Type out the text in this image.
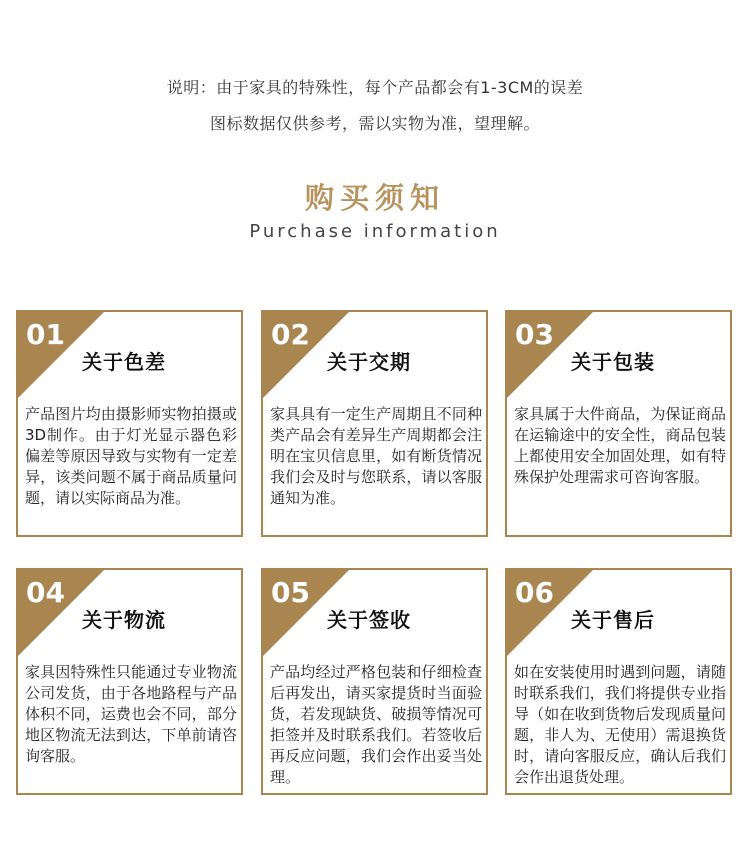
说明：由于家具的特殊性，每个产品都会有1-3CM的误差
图标数据仅供参考，需以实物为准，望理解。
购买须知
Purchase information
01
关于色差
产品图片均由摄影师实物拍摄或3D制作。由于灯光显示器色彩偏差等原因导致与实物有一定差异，该类问题不属于商品质量问题，请以实际商品为准。
02
关于交期
家具具有一定生产周期且不同种类产品会有差异生产周期都会注明在宝贝信息里，如有断货情况我们会及时与您联系，请以客服通知为准。
03
关于包装
家具属于大件商品，为保证商品在运输途中的安全性，商品包装上都使用安全加固处理，如有特殊保护处理需求可咨询客服。
04
关于物流
家具因特殊性只能通过专业物流公司发货，由于各地路程与产品体积不同，运费也会不同，部分地区物流无法到达，下单前请咨询客服。
05
关于签收
产品均经过严格包装和仔细检查后再发出，请买家提货时当面验货，若发现缺货、破损等情况可拒签并及时联系我们。若签收后再反应问题，我们会作出妥当处理。
06
关于售后
如在安装使用时遇到问题，请随时联系我们，我们将提供专业指导（如在收到货物后发现质量问题，非人为、无使用）需退换货时，请向客服反应，确认后我们会作出退货处理。
